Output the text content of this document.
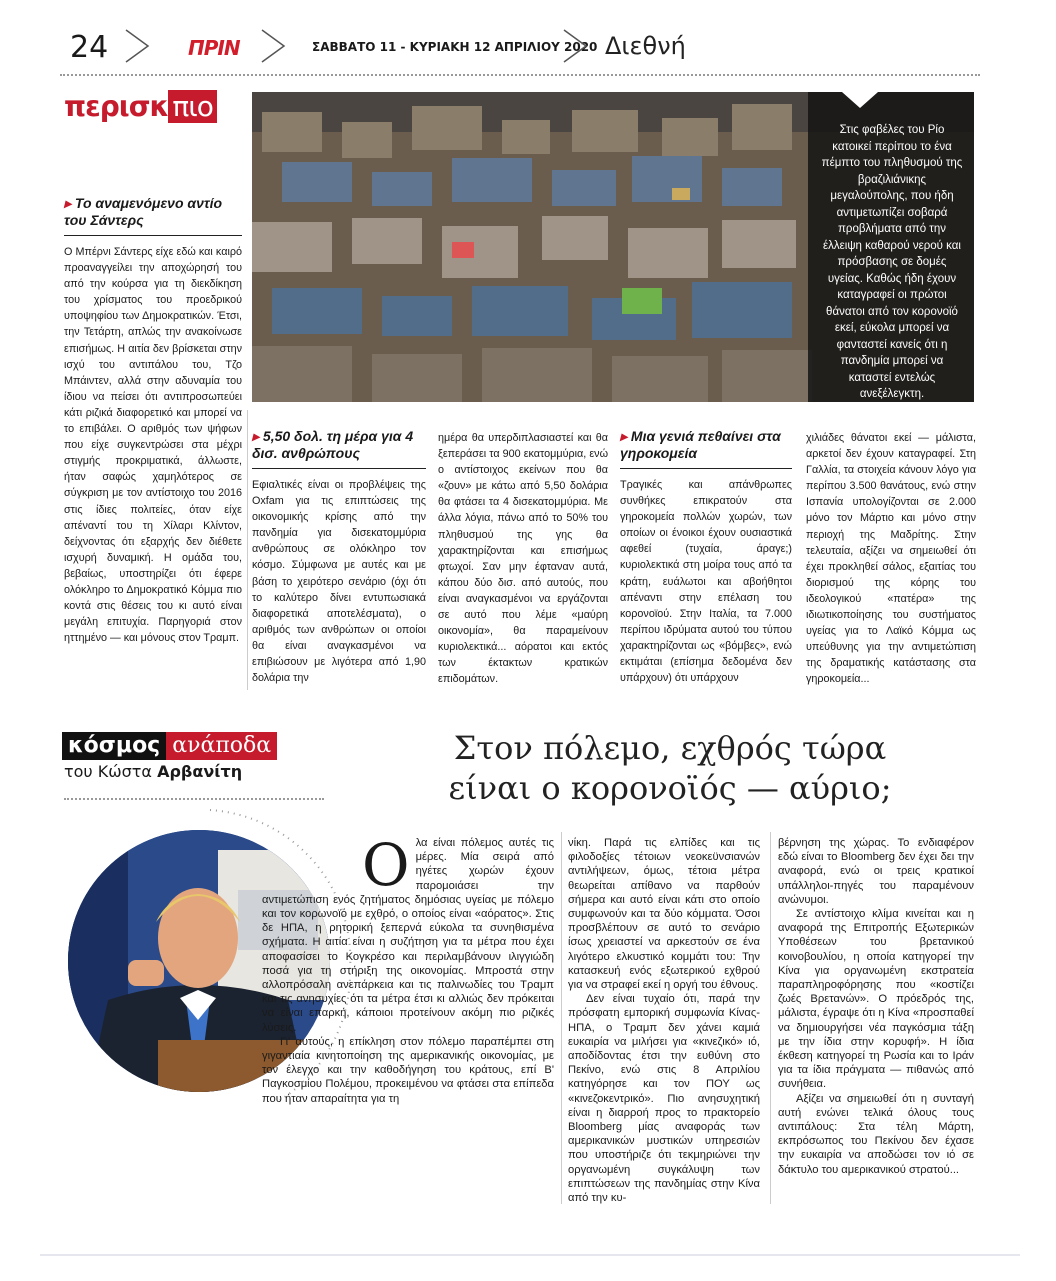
24	ΠΡΙΝ	ΣΑΒΒΑΤΟ 11 - ΚΥΡΙΑΚΗ 12 ΑΠΡΙΛΙΟΥ 2020 Διεθνή
περισκ πιο

Στις φαβέλες του Ρίο κατοικεί περίπου το ένα πέμπτο του πληθυσμού της βραζιλιάνικης μεγαλούπολης, που ήδη αντιμετωπίζει σοβαρά προβλήματα από την έλλειψη καθαρού νερού και πρόσβασης σε δομές υγείας. Καθώς ήδη έχουν καταγραφεί οι πρώτοι θάνατοι από τον κορονοϊό εκεί, εύκολα μπορεί να φανταστεί κανείς ότι η πανδημία μπορεί να καταστεί εντελώς ανεξέλεγκτη.

▸ Το αναμενόμενο αντίο του Σάντερς

Ο Μπέρνι Σάντερς είχε εδώ και καιρό προαναγγείλει την αποχώρησή του από την κούρσα για τη διεκδίκηση του χρίσματος του προεδρικού υποψηφίου των Δημοκρατικών. Έτσι, την Τετάρτη, απλώς την ανακοίνωσε επισήμως. Η αιτία δεν βρίσκεται στην ισχύ του αντιπάλου του, Τζο Μπάιντεν, αλλά στην αδυναμία του ίδιου να πείσει ότι αντιπροσωπεύει κάτι ριζικά διαφορετικό και μπορεί να το επιβάλει. Ο αριθμός των ψήφων που είχε συγκεντρώσει στα μέχρι στιγμής προκριματικά, άλλωστε, ήταν σαφώς χαμηλότερος σε σύγκριση με τον αντίστοιχο του 2016 στις ίδιες πολιτείες, όταν είχε απέναντί του τη Χίλαρι Κλίντον, δείχνοντας ότι εξαρχής δεν διέθετε ισχυρή δυναμική. Η ομάδα του, βεβαίως, υποστηρίζει ότι έφερε ολόκληρο το Δημοκρατικό Κόμμα πιο κοντά στις θέσεις του κι αυτό είναι μεγάλη επιτυχία. Παρηγοριά στον ηττημένο — και μόνους στον Τραμπ.

▸ 5,50 δολ. τη μέρα για 4 δισ. ανθρώπους

Εφιαλτικές είναι οι προβλέψεις της Oxfam για τις επιπτώσεις της οικονομικής κρίσης από την πανδημία για δισεκατομμύρια ανθρώπους σε ολόκληρο τον κόσμο. Σύμφωνα με αυτές και με βάση το χειρότερο σενάριο (όχι ότι το καλύτερο δίνει εντυπωσιακά διαφορετικά αποτελέσματα), ο αριθμός των ανθρώπων οι οποίοι θα είναι αναγκασμένοι να επιβιώσουν με λιγότερα από 1,90 δολάρια την

ημέρα θα υπερδιπλασιαστεί και θα ξεπεράσει τα 900 εκατομμύρια, ενώ ο αντίστοιχος εκείνων που θα «ζουν» με κάτω από 5,50 δολάρια θα φτάσει τα 4 δισεκατομμύρια. Με άλλα λόγια, πάνω από το 50% του πληθυσμού της γης θα χαρακτηρίζονται και επισήμως φτωχοί. Σαν μην έφταναν αυτά, κάπου δύο δισ. από αυτούς, που είναι αναγκασμένοι να εργάζονται σε αυτό που λέμε «μαύρη οικονομία», θα παραμείνουν κυριολεκτικά... αόρατοι και εκτός των έκτακτων κρατικών επιδομάτων.

▸ Μια γενιά πεθαίνει στα γηροκομεία

Τραγικές και απάνθρωπες συνθήκες επικρατούν στα γηροκομεία πολλών χωρών, των οποίων οι ένοικοι έχουν ουσιαστικά αφεθεί (τυχαία, άραγε;) κυριολεκτικά στη μοίρα τους από τα κράτη, ευάλωτοι και αβοήθητοι απέναντι στην επέλαση του κορονοϊού. Στην Ιταλία, τα 7.000 περίπου ιδρύματα αυτού του τύπου χαρακτηρίζονται ως «βόμβες», ενώ εκτιμάται (επίσημα δεδομένα δεν υπάρχουν) ότι υπάρχουν

χιλιάδες θάνατοι εκεί — μάλιστα, αρκετοί δεν έχουν καταγραφεί. Στη Γαλλία, τα στοιχεία κάνουν λόγο για περίπου 3.500 θανάτους, ενώ στην Ισπανία υπολογίζονται σε 2.000 μόνο τον Μάρτιο και μόνο στην περιοχή της Μαδρίτης. Στην τελευταία, αξίζει να σημειωθεί ότι έχει προκληθεί σάλος, εξαιτίας του διορισμού της κόρης του ιδεολογικού «πατέρα» της ιδιωτικοποίησης του συστήματος υγείας για το Λαϊκό Κόμμα ως υπεύθυνης για την αντιμετώπιση της δραματικής κατάστασης στα γηροκομεία...

κόσμος ανάποδα
του Κώστα Αρβανίτη
Στον πόλεμο, εχθρός τώρα
είναι ο κορονοϊός — αύριο;
Ο λα είναι πόλεμος αυτές τις μέρες. Μία σειρά από ηγέτες χωρών έχουν παρομοιάσει την αντιμετώπιση ενός ζητήματος δημόσιας υγείας με πόλεμο και τον κορωνοϊό με εχθρό, ο οποίος είναι «αόρατος». Στις δε ΗΠΑ, η ρητορική ξεπερνά εύκολα τα συνηθισμένα σχήματα. Η αιτία είναι η συζήτηση για τα μέτρα που έχει αποφασίσει το Κογκρέσο και περιλαμβάνουν ιλιγγιώδη ποσά για τη στήριξη της οικονομίας. Μπροστά στην αλλοπρόσαλη ανεπάρκεια και τις παλινωδίες του Τραμπ και τις ανησυχίες ότι τα μέτρα έτσι κι αλλιώς δεν πρόκειται να είναι επαρκή, κάποιοι προτείνουν ακόμη πιο ριζικές λύσεις.

Γι' αυτούς, η επίκληση στον πόλεμο παραπέμπει στη γιγαντιαία κινητοποίηση της αμερικανικής οικονομίας, με τον έλεγχο και την καθοδήγηση του κράτους, επί Β' Παγκοσμίου Πολέμου, προκειμένου να φτάσει στα επίπεδα που ήταν απαραίτητα για τη

νίκη. Παρά τις ελπίδες και τις φιλοδοξίες τέτοιων νεοκεϋνσιανών αντιλήψεων, όμως, τέτοια μέτρα θεωρείται απίθανο να παρθούν σήμερα και αυτό είναι κάτι στο οποίο συμφωνούν και τα δύο κόμματα. Όσοι προσβλέπουν σε αυτό το σενάριο ίσως χρειαστεί να αρκεστούν σε ένα λιγότερο ελκυστικό κομμάτι του: Την κατασκευή ενός εξωτερικού εχθρού για να στραφεί εκεί η οργή του έθνους.

Δεν είναι τυχαίο ότι, παρά την πρόσφατη εμπορική συμφωνία Κίνας-ΗΠΑ, ο Τραμπ δεν χάνει καμιά ευκαιρία να μιλήσει για «κινεζικό» ιό, αποδίδοντας έτσι την ευθύνη στο Πεκίνο, ενώ στις 8 Απριλίου κατηγόρησε και τον ΠΟΥ ως «κινεζοκεντρικό». Πιο ανησυχητική είναι η διαρροή προς το πρακτορείο Bloomberg μίας αναφοράς των αμερικανικών μυστικών υπηρεσιών που υποστήριζε ότι τεκμηριώνει την οργανωμένη συγκάλυψη των επιπτώσεων της πανδημίας στην Κίνα από την κυ-

βέρνηση της χώρας. Το ενδιαφέρον εδώ είναι το Bloomberg δεν έχει δει την αναφορά, ενώ οι τρεις κρατικοί υπάλληλοι-πηγές του παραμένουν ανώνυμοι.

Σε αντίστοιχο κλίμα κινείται και η αναφορά της Επιτροπής Εξωτερικών Υποθέσεων του βρετανικού κοινοβουλίου, η οποία κατηγορεί την Κίνα για οργανωμένη εκστρατεία παραπληροφόρησης που «κοστίζει ζωές Βρετανών». Ο πρόεδρός της, μάλιστα, έγραψε ότι η Κίνα «προσπαθεί να δημιουργήσει νέα παγκόσμια τάξη με την ίδια στην κορυφή». Η ίδια έκθεση κατηγορεί τη Ρωσία και το Ιράν για τα ίδια πράγματα — πιθανώς από συνήθεια.

Αξίζει να σημειωθεί ότι η συνταγή αυτή ενώνει τελικά όλους τους αντιπάλους: Στα τέλη Μάρτη, εκπρόσωπος του Πεκίνου δεν έχασε την ευκαιρία να αποδώσει τον ιό σε δάκτυλο του αμερικανικού στρατού...
